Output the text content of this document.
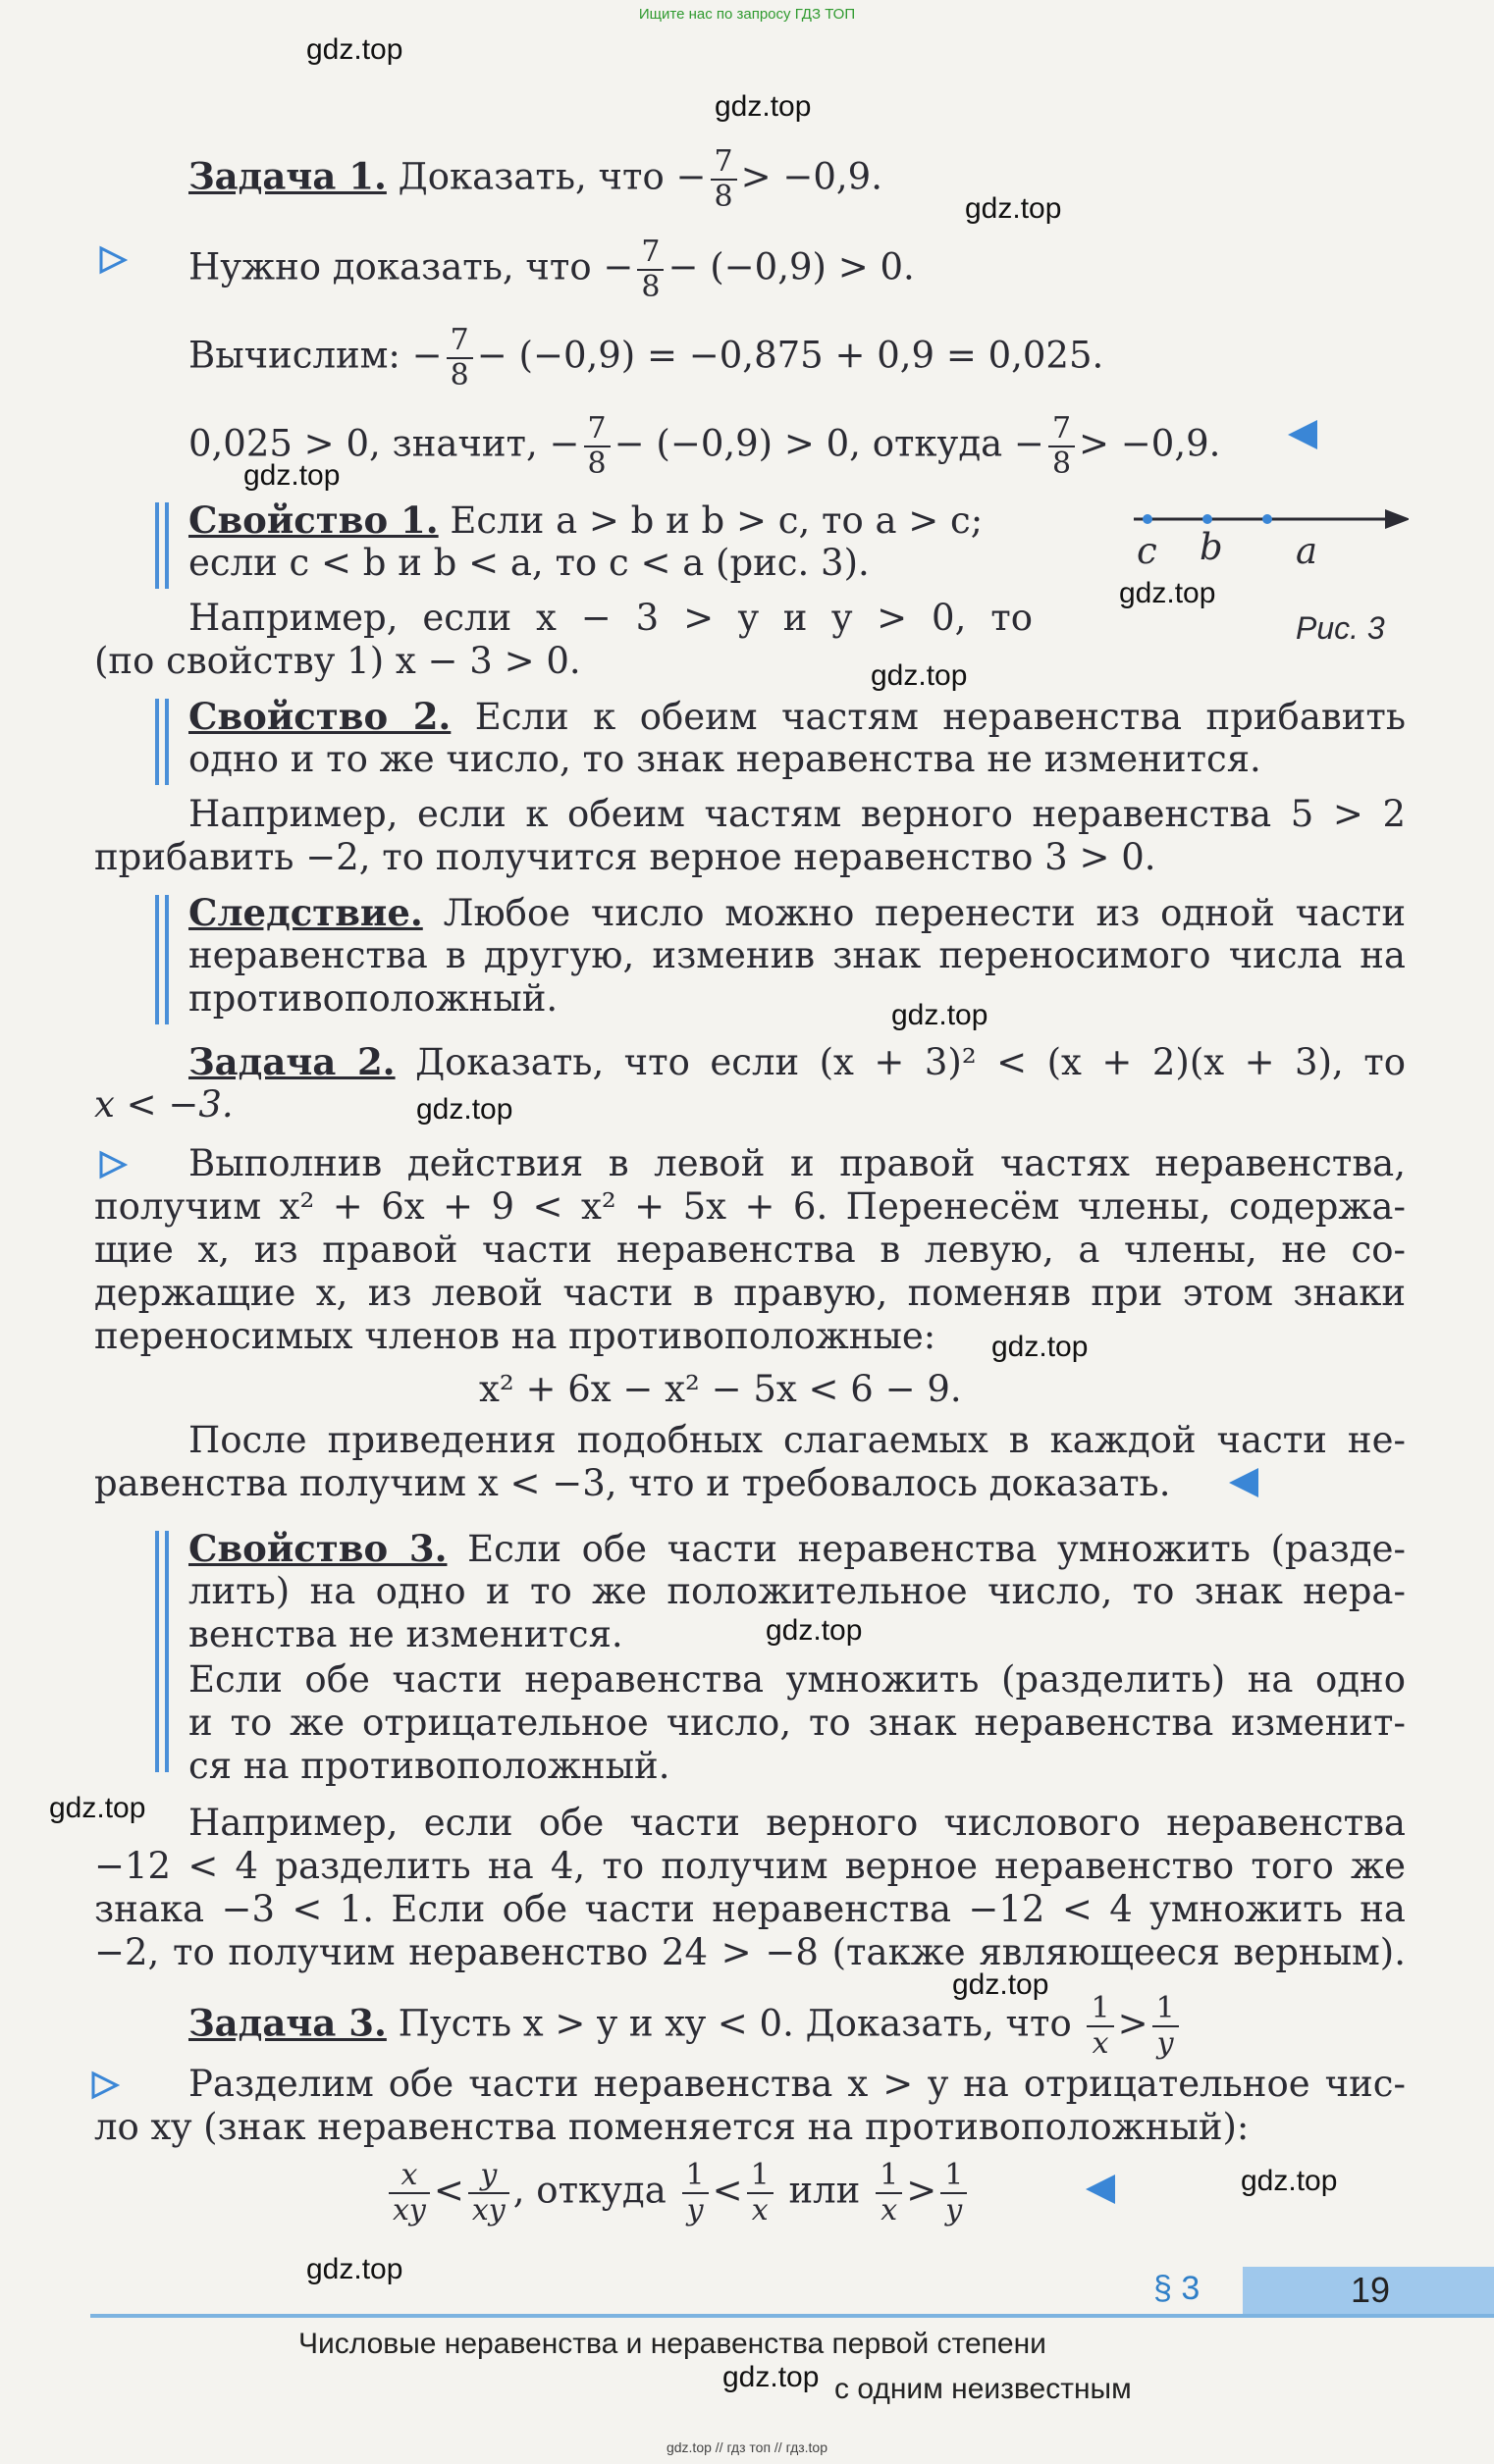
Ищите нас по запросу ГДЗ ТОП
gdz.top
gdz.top
gdz.top
gdz.top
gdz.top
gdz.top
gdz.top
gdz.top
gdz.top
gdz.top
gdz.top
gdz.top
gdz.top
gdz.top
gdz.top
Задача 1. Доказать, что − $\frac{7}{8} > -0,9$.
Нужно доказать, что − $\frac{7}{8} - (-0,9) > 0$.
Вычислим: − $\frac{7}{8} - (-0,9) = -0,875 + 0,9 = 0,025$.
0,025 > 0, значит, − $\frac{7}{8} - (-0,9) > 0$, откуда − $\frac{7}{8} > -0,9$.
Свойство 1. Если a > b и b > c, то a > c;
если c < b и b < a, то c < a (рис. 3).
Например, если x − 3 > y и y > 0, то
(по свойству 1) x − 3 > 0.
c b a
Рис. 3
Свойство 2. Если к обеим частям неравенства прибавить
одно и то же число, то знак неравенства не изменится.
Например, если к обеим частям верного неравенства 5 > 2
прибавить −2, то получится верное неравенство 3 > 0.
Следствие. Любое число можно перенести из одной части
неравенства в другую, изменив знак переносимого числа на
противоположный.
Задача 2. Доказать, что если (x + 3)² < (x + 2)(x + 3), то
x < −3.
Выполнив действия в левой и правой частях неравенства,
получим x² + 6x + 9 < x² + 5x + 6. Перенесём члены, содержа-
щие x, из правой части неравенства в левую, а члены, не со-
держащие x, из левой части в правую, поменяв при этом знаки
переносимых членов на противоположные:
x² + 6x − x² − 5x < 6 − 9.
После приведения подобных слагаемых в каждой части не-
равенства получим x < −3, что и требовалось доказать.
Свойство 3. Если обе части неравенства умножить (разде-
лить) на одно и то же положительное число, то знак нера-
венства не изменится.
Если обе части неравенства умножить (разделить) на одно
и то же отрицательное число, то знак неравенства изменит-
ся на противоположный.
Например, если обе части верного числового неравенства
−12 < 4 разделить на 4, то получим верное неравенство того же
знака −3 < 1. Если обе части неравенства −12 < 4 умножить на
−2, то получим неравенство 24 > −8 (также являющееся верным).
Задача 3. Пусть x > y и xy < 0. Доказать, что $\frac{1}{x} > \frac{1}{y}$
Разделим обе части неравенства x > y на отрицательное чис-
ло xy (знак неравенства поменяется на противоположный):
$\frac{x}{xy} < \frac{y}{xy}$ , откуда $\frac{1}{y} < \frac{1}{x}$ или $\frac{1}{x} > \frac{1}{y}$
§ 3	19
Числовые неравенства и неравенства первой степени
с одним неизвестным
gdz.top // гдз топ // гдз.top
